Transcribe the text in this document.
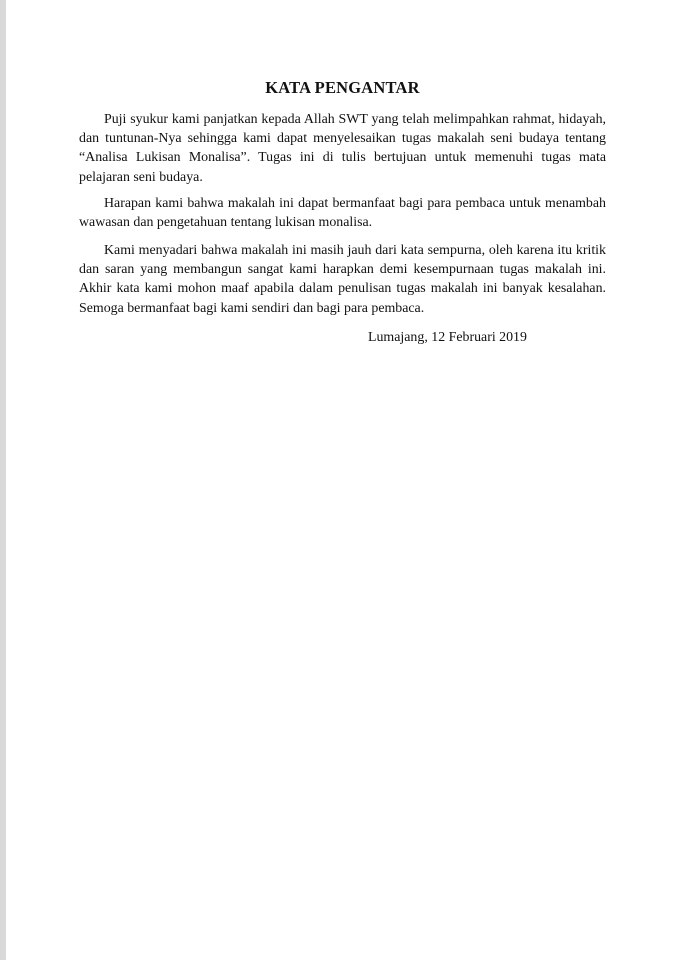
KATA PENGANTAR

Puji syukur kami panjatkan kepada Allah SWT yang telah melimpahkan rahmat, hidayah, dan tuntunan-Nya sehingga kami dapat menyelesaikan tugas makalah seni budaya tentang “Analisa Lukisan Monalisa”. Tugas ini di tulis bertujuan untuk memenuhi tugas mata pelajaran seni budaya.

Harapan kami bahwa makalah ini dapat bermanfaat bagi para pembaca untuk menambah wawasan dan pengetahuan tentang lukisan monalisa.

Kami menyadari bahwa makalah ini masih jauh dari kata sempurna, oleh karena itu kritik dan saran yang membangun sangat kami harapkan demi kesempurnaan tugas makalah ini. Akhir kata kami mohon maaf apabila dalam penulisan tugas makalah ini banyak kesalahan. Semoga bermanfaat bagi kami sendiri dan bagi para pembaca.

Lumajang, 12 Februari 2019
